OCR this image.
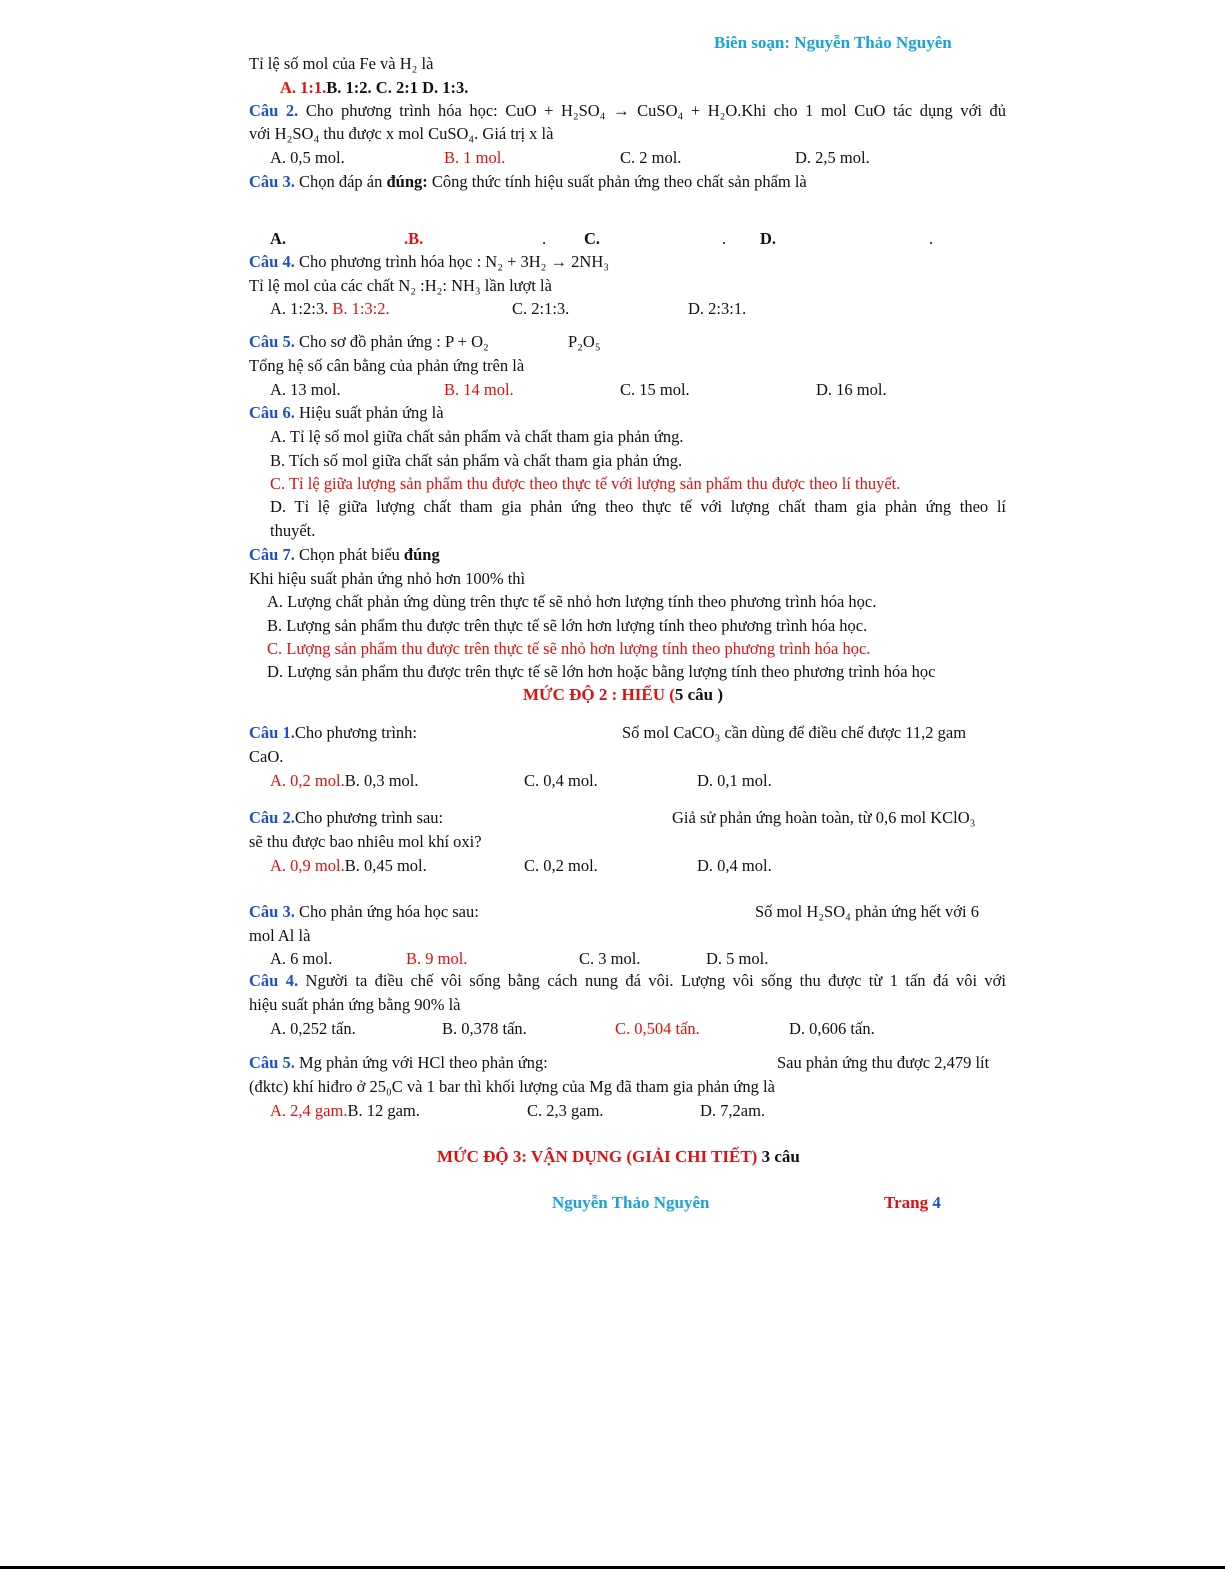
Biên soạn: Nguyễn Thảo Nguyên
Tỉ lệ số mol của Fe và H₂ là
A. 1:1.B. 1:2. C. 2:1 D. 1:3.
Câu 2. Cho phương trình hóa học: CuO + H₂SO₄ → CuSO₄ + H₂O.Khi cho 1 mol CuO tác dụng với đủ
với H₂SO₄ thu được x mol CuSO₄. Giá trị x là
A. 0,5 mol.	B. 1 mol.	C. 2 mol.	D. 2,5 mol.
Câu 3. Chọn đáp án đúng: Công thức tính hiệu suất phản ứng theo chất sản phẩm là
A.	.B.	. C.	. D.	.
Câu 4. Cho phương trình hóa học : N₂ + 3H₂ → 2NH₃
Tỉ lệ mol của các chất N₂ :H₂: NH₃ lần lượt là
A. 1:2:3. B. 1:3:2.	C. 2:1:3.	D. 2:3:1.
Câu 5. Cho sơ đồ phản ứng : P + O₂	P₂O₅
Tổng hệ số cân bằng của phản ứng trên là
A. 13 mol.	B. 14 mol.	C. 15 mol.	D. 16 mol.
Câu 6. Hiệu suất phản ứng là
A. Tỉ lệ số mol giữa chất sản phẩm và chất tham gia phản ứng.
B. Tích số mol giữa chất sản phẩm và chất tham gia phản ứng.
C. Tỉ lệ giữa lượng sản phẩm thu được theo thực tế với lượng sản phẩm thu được theo lí thuyết.
D. Tỉ lệ giữa lượng chất tham gia phản ứng theo thực tế với lượng chất tham gia phản ứng theo lí
thuyết.
Câu 7. Chọn phát biểu đúng
Khi hiệu suất phản ứng nhỏ hơn 100% thì
A. Lượng chất phản ứng dùng trên thực tế sẽ nhỏ hơn lượng tính theo phương trình hóa học.
B. Lượng sản phẩm thu được trên thực tế sẽ lớn hơn lượng tính theo phương trình hóa học.
C. Lượng sản phẩm thu được trên thực tế sẽ nhỏ hơn lượng tính theo phương trình hóa học.
D. Lượng sản phẩm thu được trên thực tế sẽ lớn hơn hoặc bằng lượng tính theo phương trình hóa học
MỨC ĐỘ 2 : HIỂU (5 câu )
Câu 1.Cho phương trình:	Số mol CaCO₃ cần dùng để điều chế được 11,2 gam
CaO.
A. 0,2 mol.B. 0,3 mol.	C. 0,4 mol.	D. 0,1 mol.
Câu 2.Cho phương trình sau:	Giả sử phản ứng hoàn toàn, từ 0,6 mol KClO₃
sẽ thu được bao nhiêu mol khí oxi?
A. 0,9 mol.B. 0,45 mol.	C. 0,2 mol.	D. 0,4 mol.
Câu 3. Cho phản ứng hóa học sau:	Số mol H₂SO₄ phản ứng hết với 6
mol Al là
A. 6 mol.	B. 9 mol.	C. 3 mol.	D. 5 mol.
Câu 4. Người ta điều chế vôi sống bằng cách nung đá vôi. Lượng vôi sống thu được từ 1 tấn đá vôi với
hiệu suất phản ứng bằng 90% là
A. 0,252 tấn.	B. 0,378 tấn.	C. 0,504 tấn.	D. 0,606 tấn.
Câu 5. Mg phản ứng với HCl theo phản ứng:	Sau phản ứng thu được 2,479 lít
(đktc) khí hiđro ở 25₀C và 1 bar thì khối lượng của Mg đã tham gia phản ứng là
A. 2,4 gam.B. 12 gam.	C. 2,3 gam.	D. 7,2am.
MỨC ĐỘ 3: VẬN DỤNG (GIẢI CHI TIẾT) 3 câu
Nguyễn Thảo Nguyên	Trang 4
